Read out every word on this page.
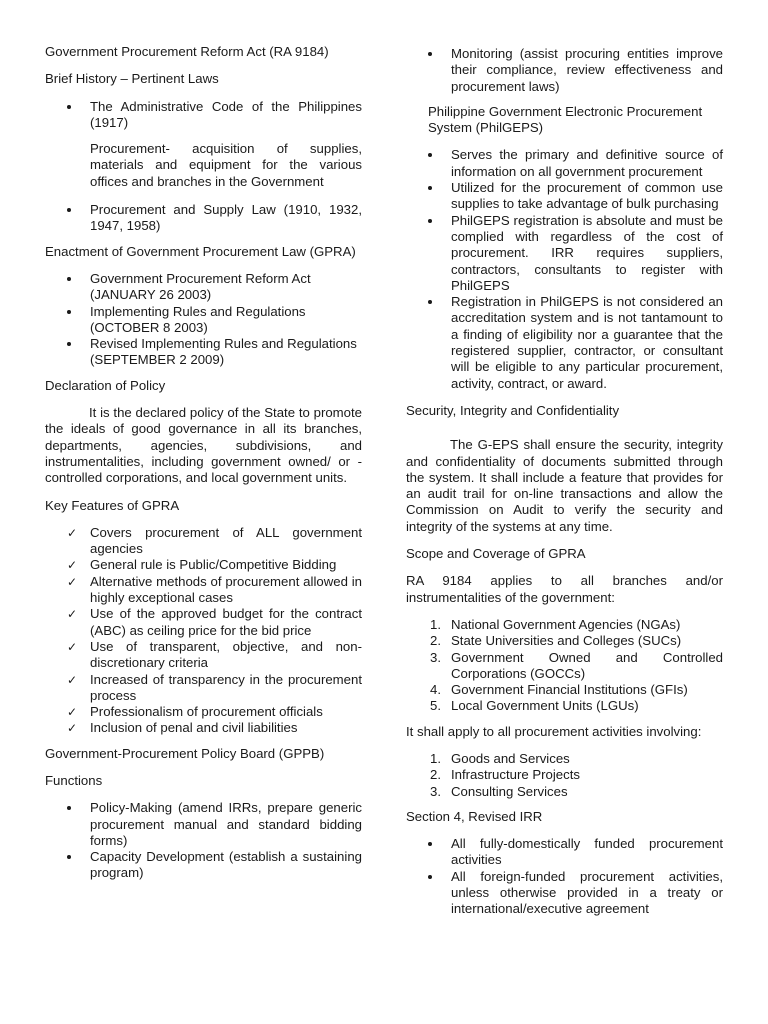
Government Procurement Reform Act (RA 9184)

Brief History – Pertinent Laws

The Administrative Code of the Philippines (1917)

Procurement- acquisition of supplies, materials and equipment for the various offices and branches in the Government

Procurement and Supply Law (1910, 1932, 1947, 1958)

Enactment of Government Procurement Law (GPRA)

Government Procurement Reform Act
(JANUARY 26 2003)
Implementing Rules and Regulations
(OCTOBER 8 2003)
Revised Implementing Rules and Regulations
(SEPTEMBER 2 2009)

Declaration of Policy

It is the declared policy of the State to promote the ideals of good governance in all its branches, departments, agencies, subdivisions, and instrumentalities, including government owned/ or -controlled corporations, and local government units.

Key Features of GPRA

✓ Covers procurement of ALL government agencies
✓ General rule is Public/Competitive Bidding
✓ Alternative methods of procurement allowed in highly exceptional cases
✓ Use of the approved budget for the contract (ABC) as ceiling price for the bid price
✓ Use of transparent, objective, and non-discretionary criteria
✓ Increased of transparency in the procurement process
✓ Professionalism of procurement officials
✓ Inclusion of penal and civil liabilities

Government-Procurement Policy Board (GPPB)

Functions

Policy-Making (amend IRRs, prepare generic procurement manual and standard bidding forms)
Capacity Development (establish a sustaining program)
Monitoring (assist procuring entities improve their compliance, review effectiveness and procurement laws)

Philippine Government Electronic Procurement System (PhilGEPS)

Serves the primary and definitive source of information on all government procurement
Utilized for the procurement of common use supplies to take advantage of bulk purchasing
PhilGEPS registration is absolute and must be complied with regardless of the cost of procurement. IRR requires suppliers, contractors, consultants to register with PhilGEPS
Registration in PhilGEPS is not considered an accreditation system and is not tantamount to a finding of eligibility nor a guarantee that the registered supplier, contractor, or consultant will be eligible to any particular procurement, activity, contract, or award.

Security, Integrity and Confidentiality

The G-EPS shall ensure the security, integrity and confidentiality of documents submitted through the system. It shall include a feature that provides for an audit trail for on-line transactions and allow the Commission on Audit to verify the security and integrity of the systems at any time.

Scope and Coverage of GPRA

RA 9184 applies to all branches and/or instrumentalities of the government:

1. National Government Agencies (NGAs)
2. State Universities and Colleges (SUCs)
3. Government Owned and Controlled Corporations (GOCCs)
4. Government Financial Institutions (GFIs)
5. Local Government Units (LGUs)

It shall apply to all procurement activities involving:

1. Goods and Services
2. Infrastructure Projects
3. Consulting Services

Section 4, Revised IRR

All fully-domestically funded procurement activities
All foreign-funded procurement activities, unless otherwise provided in a treaty or international/executive agreement
